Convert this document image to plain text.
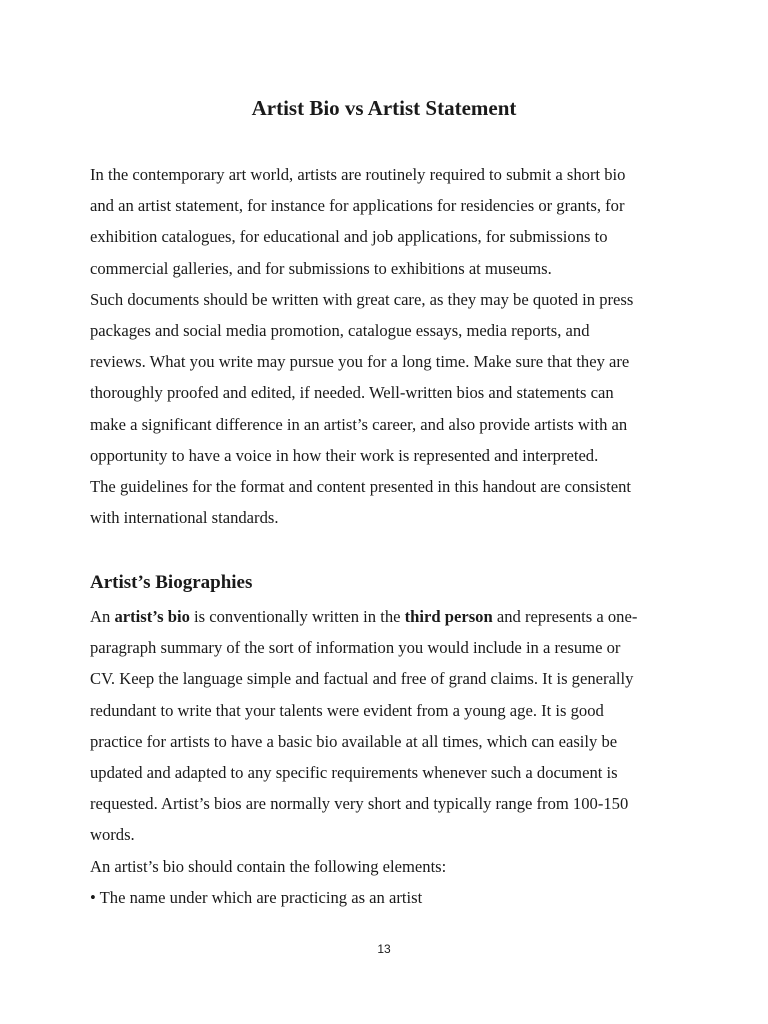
Artist Bio vs Artist Statement
In the contemporary art world, artists are routinely required to submit a short bio
and an artist statement, for instance for applications for residencies or grants, for
exhibition catalogues, for educational and job applications, for submissions to
commercial galleries, and for submissions to exhibitions at museums.
Such documents should be written with great care, as they may be quoted in press
packages and social media promotion, catalogue essays, media reports, and
reviews. What you write may pursue you for a long time. Make sure that they are
thoroughly proofed and edited, if needed. Well-written bios and statements can
make a significant difference in an artist’s career, and also provide artists with an
opportunity to have a voice in how their work is represented and interpreted.
The guidelines for the format and content presented in this handout are consistent
with international standards.
Artist’s Biographies
An artist’s bio is conventionally written in the third person and represents a one-
paragraph summary of the sort of information you would include in a resume or
CV. Keep the language simple and factual and free of grand claims. It is generally
redundant to write that your talents were evident from a young age. It is good
practice for artists to have a basic bio available at all times, which can easily be
updated and adapted to any specific requirements whenever such a document is
requested. Artist’s bios are normally very short and typically range from 100-150
words.
An artist’s bio should contain the following elements:
• The name under which are practicing as an artist
13
